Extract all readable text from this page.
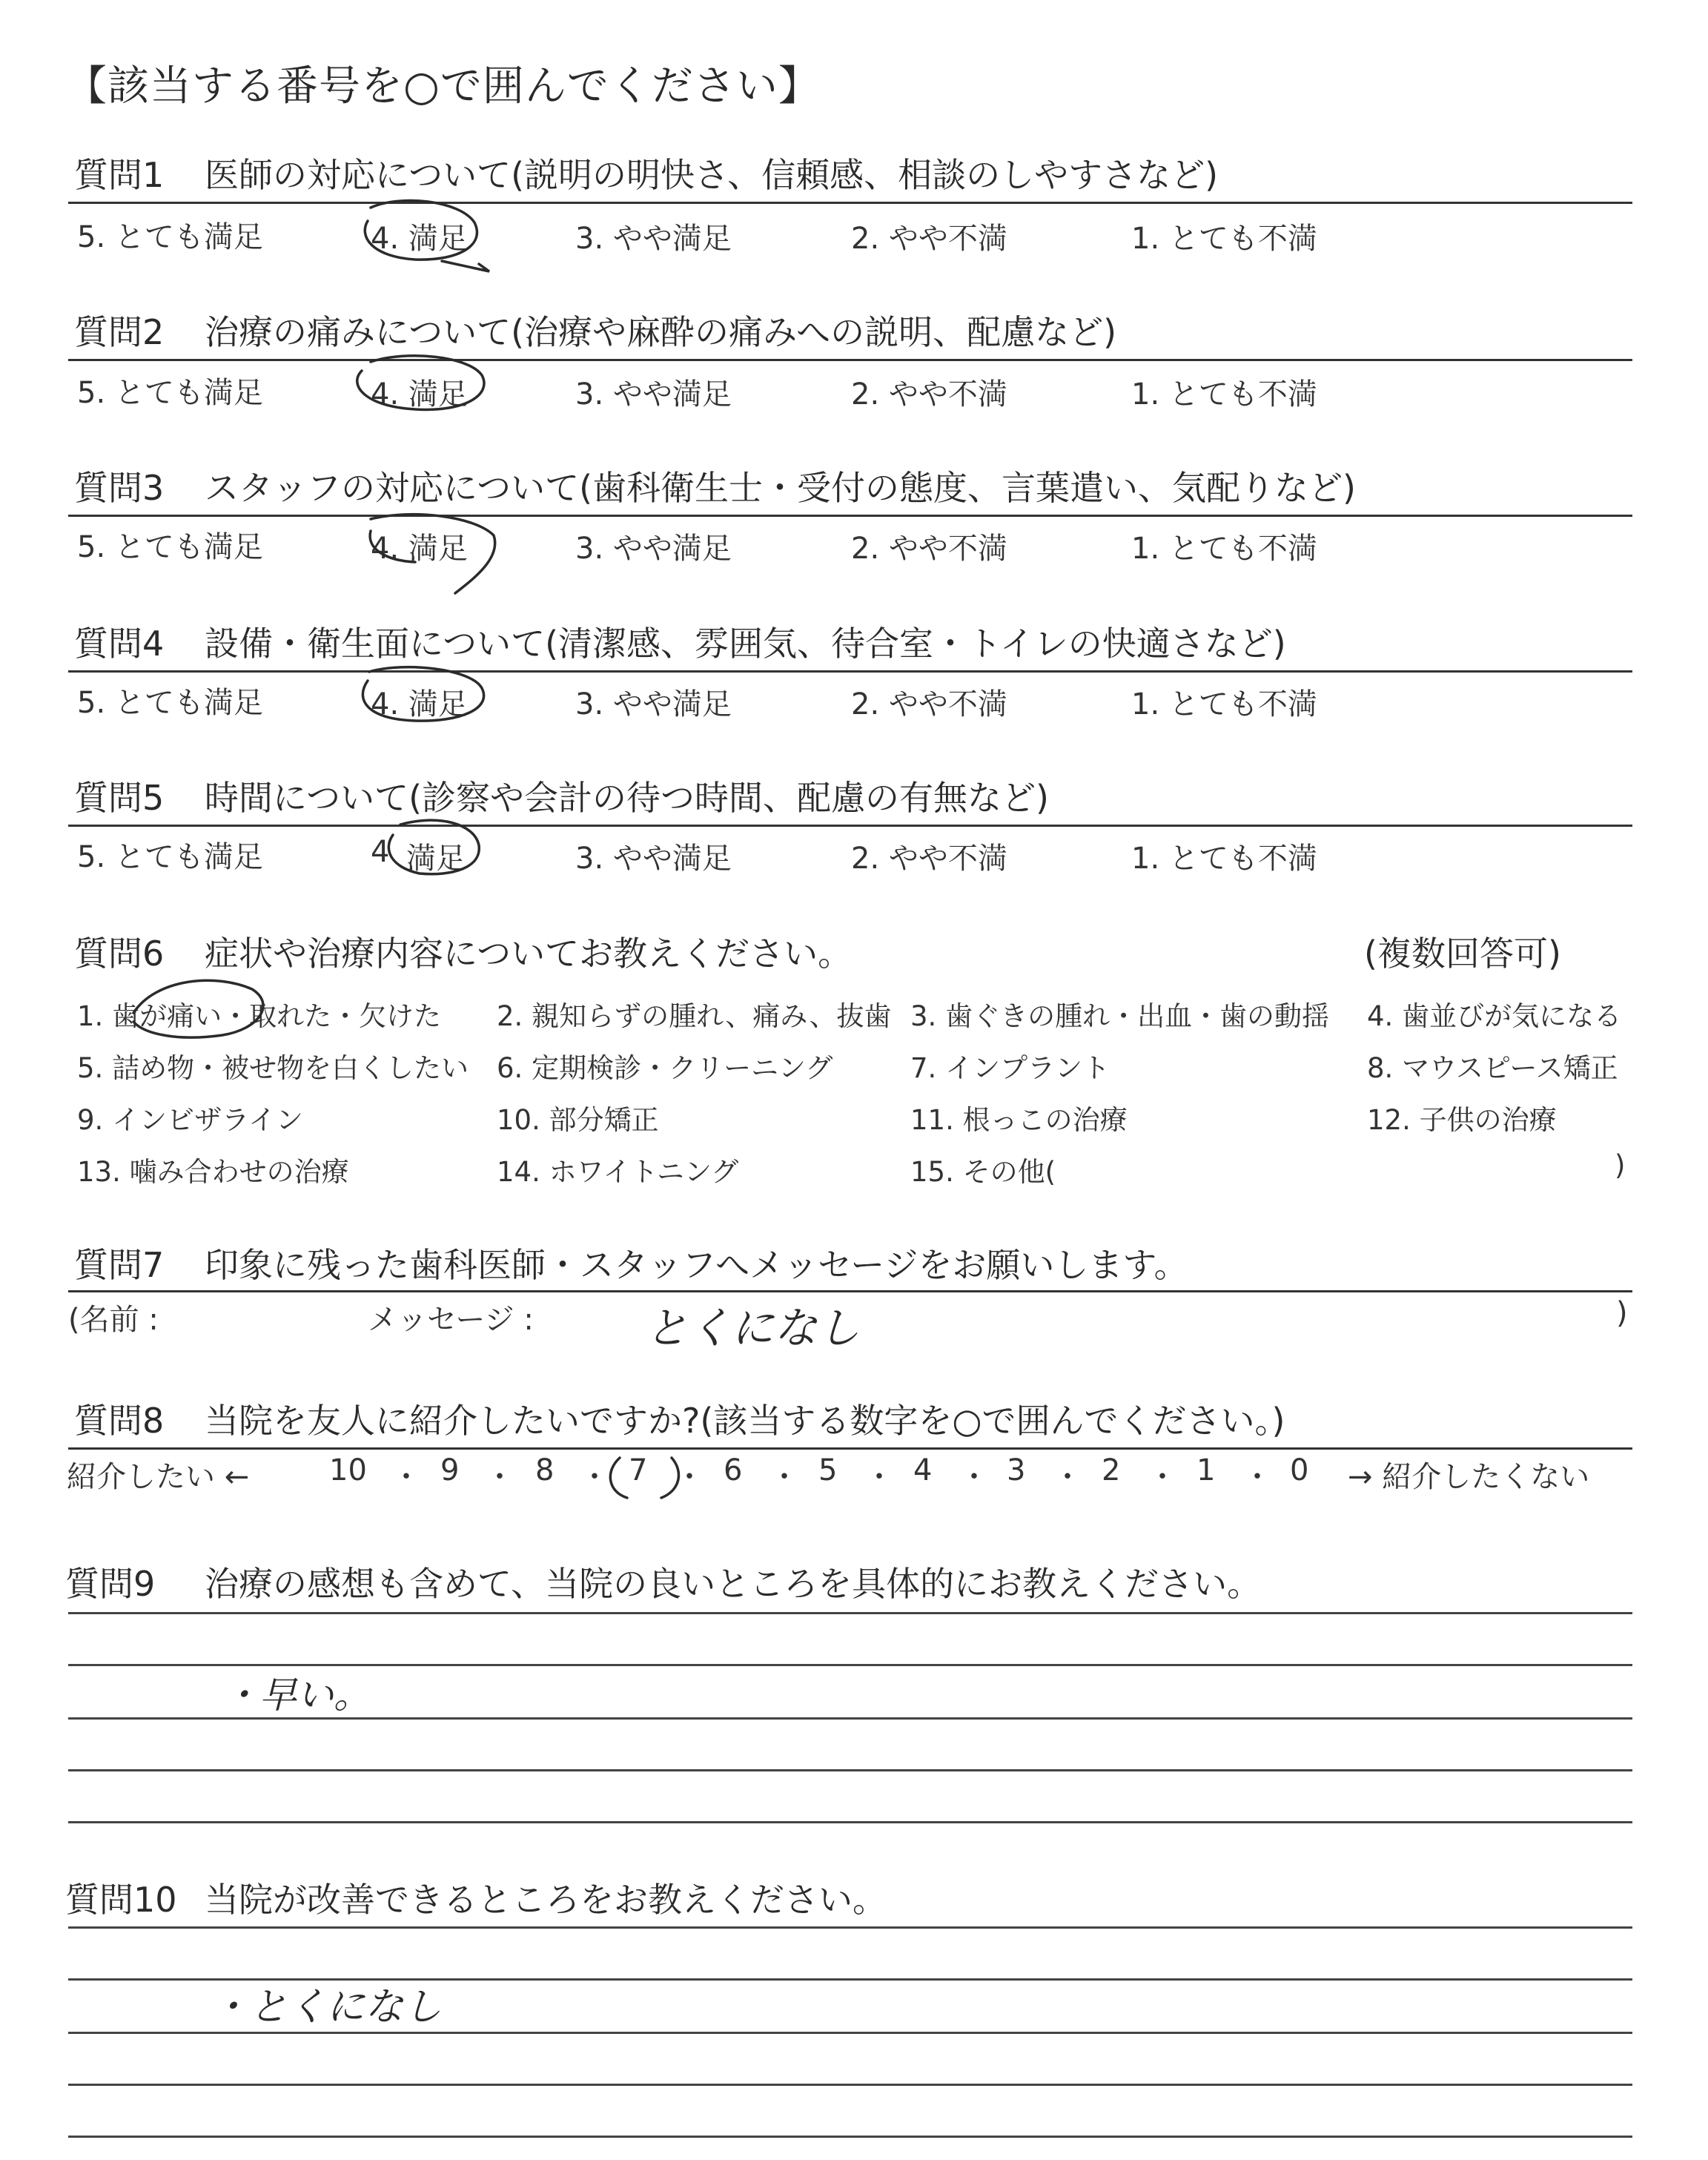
【該当する番号を○で囲んでください】
質問1 医師の対応について(説明の明快さ、信頼感、相談のしやすさなど)
5. とても満足	4. 満足	3. やや満足	2. やや不満	1. とても不満
質問2 治療の痛みについて(治療や麻酔の痛みへの説明、配慮など)
5. とても満足	4. 満足	3. やや満足	2. やや不満	1. とても不満
質問3 スタッフの対応について(歯科衛生士・受付の態度、言葉遣い、気配りなど)
5. とても満足	4. 満足	3. やや満足	2. やや不満	1. とても不満
質問4 設備・衛生面について(清潔感、雰囲気、待合室・トイレの快適さなど)
5. とても満足	4. 満足	3. やや満足	2. やや不満	1. とても不満
質問5 時間について(診察や会計の待つ時間、配慮の有無など)
5. とても満足	4 満足	3. やや満足	2. やや不満	1. とても不満
質問6 症状や治療内容についてお教えください。	(複数回答可)
1. 歯が痛い・取れた・欠けた 2. 親知らずの腫れ、痛み、抜歯 3. 歯ぐきの腫れ・出血・歯の動揺 4. 歯並びが気になる
5. 詰め物・被せ物を白くしたい 6. 定期検診・クリーニング	7. インプラント	8. マウスピース矯正
9. インビザライン	10. 部分矯正	11. 根っこの治療	12. 子供の治療
13. 噛み合わせの治療	14. ホワイトニング	15. その他(	)
質問7 印象に残った歯科医師・スタッフへメッセージをお願いします。
(名前 :	メッセージ :	)
とくになし
質問8 当院を友人に紹介したいですか?(該当する数字を○で囲んでください。)
紹介したい ←	→ 紹介したくない
10 ・ 9 ・ 8 ・ 7 ・ 6 ・ 5 ・ 4 ・ 3 ・ 2 ・ 1 ・ 0
質問9 治療の感想も含めて、当院の良いところを具体的にお教えください。
・早い。
質問10 当院が改善できるところをお教えください。
・とくになし
